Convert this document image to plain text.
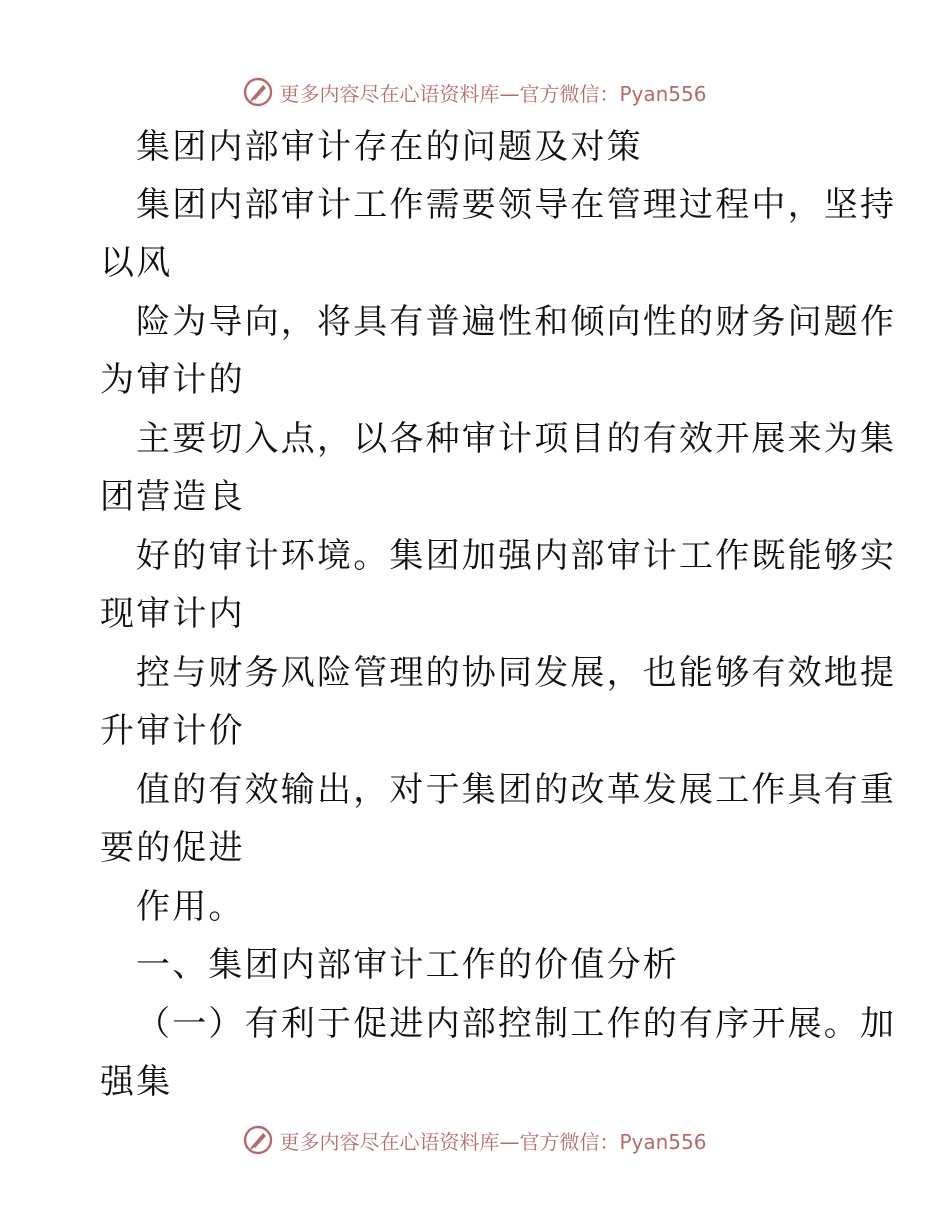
更多内容尽在心语资料库—官方微信：Pyan556
集团内部审计存在的问题及对策
集团内部审计工作需要领导在管理过程中，坚持
以风
险为导向，将具有普遍性和倾向性的财务问题作
为审计的
主要切入点，以各种审计项目的有效开展来为集
团营造良
好的审计环境。集团加强内部审计工作既能够实
现审计内
控与财务风险管理的协同发展，也能够有效地提
升审计价
值的有效输出，对于集团的改革发展工作具有重
要的促进
作用。
一、集团内部审计工作的价值分析
（一）有利于促进内部控制工作的有序开展。加
强集
更多内容尽在心语资料库—官方微信：Pyan556
